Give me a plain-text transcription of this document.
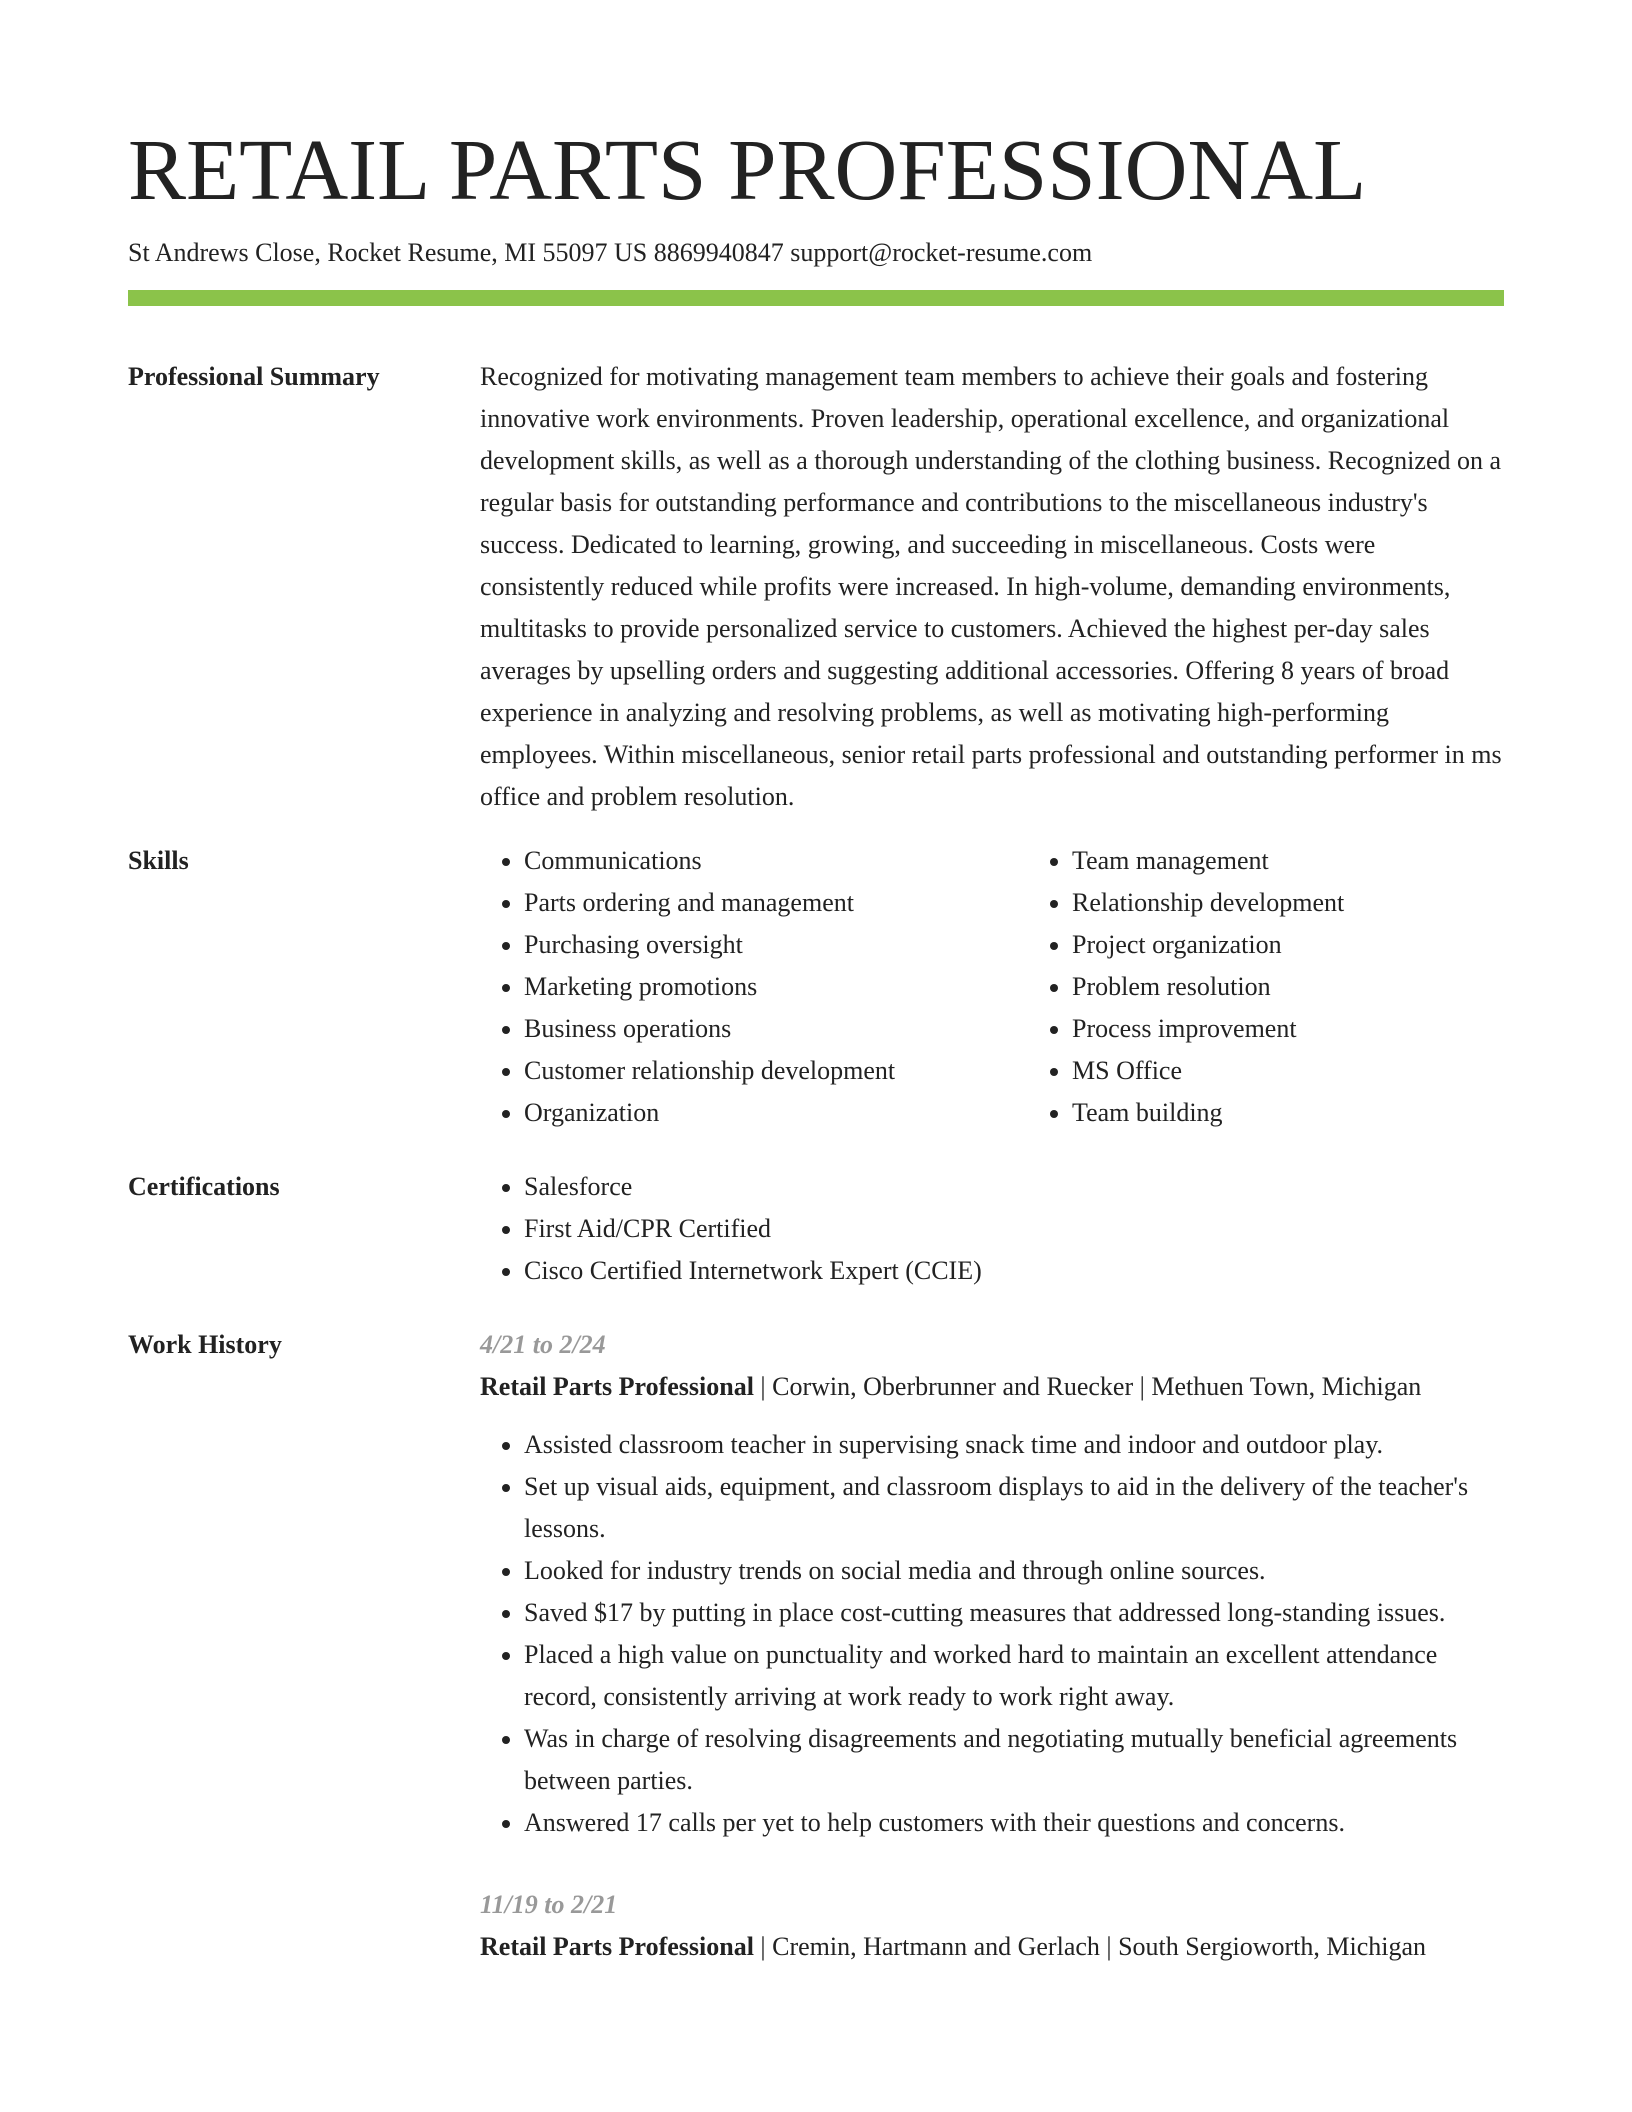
RETAIL PARTS PROFESSIONAL
St Andrews Close, Rocket Resume, MI 55097 US 8869940847 support@rocket-resume.com
Professional Summary	Recognized for motivating management team members to achieve their goals and fostering innovative work environments. Proven leadership, operational excellence, and organizational development skills, as well as a thorough understanding of the clothing business. Recognized on a regular basis for outstanding performance and contributions to the miscellaneous industry's success. Dedicated to learning, growing, and succeeding in miscellaneous. Costs were consistently reduced while profits were increased. In high-volume, demanding environments, multitasks to provide personalized service to customers. Achieved the highest per-day sales averages by upselling orders and suggesting additional accessories. Offering 8 years of broad experience in analyzing and resolving problems, as well as motivating high-performing employees. Within miscellaneous, senior retail parts professional and outstanding performer in ms office and problem resolution.

Skills	• Communications
• Parts ordering and management
• Purchasing oversight
• Marketing promotions
• Business operations
• Customer relationship development
• Organization
• Team management
• Relationship development
• Project organization
• Problem resolution
• Process improvement
• MS Office
• Team building
Certifications	• Salesforce
• First Aid/CPR Certified
• Cisco Certified Internetwork Expert (CCIE)
Work History	4/21 to 2/24
Retail Parts Professional | Corwin, Oberbrunner and Ruecker | Methuen Town, Michigan
• Assisted classroom teacher in supervising snack time and indoor and outdoor play.
• Set up visual aids, equipment, and classroom displays to aid in the delivery of the teacher's lessons.
• Looked for industry trends on social media and through online sources.
• Saved $17 by putting in place cost-cutting measures that addressed long-standing issues.
• Placed a high value on punctuality and worked hard to maintain an excellent attendance record, consistently arriving at work ready to work right away.
• Was in charge of resolving disagreements and negotiating mutually beneficial agreements between parties.
• Answered 17 calls per yet to help customers with their questions and concerns.
11/19 to 2/21
Retail Parts Professional | Cremin, Hartmann and Gerlach | South Sergioworth, Michigan
